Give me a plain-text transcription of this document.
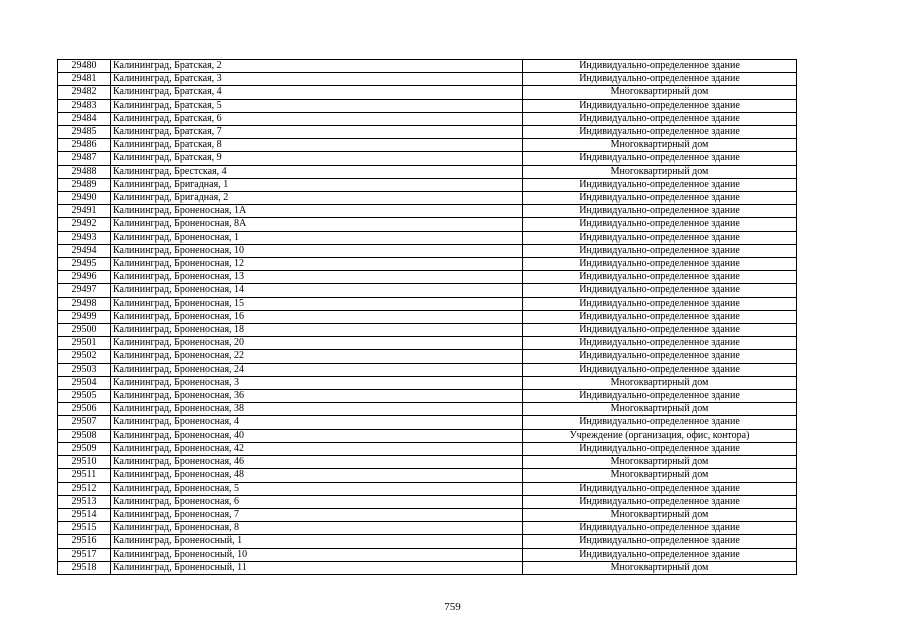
29480	Калининград, Братская, 2	Индивидуально-определенное здание
29481	Калининград, Братская, 3	Индивидуально-определенное здание
29482	Калининград, Братская, 4	Многоквартирный дом
29483	Калининград, Братская, 5	Индивидуально-определенное здание
29484	Калининград, Братская, 6	Индивидуально-определенное здание
29485	Калининград, Братская, 7	Индивидуально-определенное здание
29486	Калининград, Братская, 8	Многоквартирный дом
29487	Калининград, Братская, 9	Индивидуально-определенное здание
29488	Калининград, Брестская, 4	Многоквартирный дом
29489	Калининград, Бригадная, 1	Индивидуально-определенное здание
29490	Калининград, Бригадная, 2	Индивидуально-определенное здание
29491	Калининград, Броненосная, 1А	Индивидуально-определенное здание
29492	Калининград, Броненосная, 8А	Индивидуально-определенное здание
29493	Калининград, Броненосная, 1	Индивидуально-определенное здание
29494	Калининград, Броненосная, 10	Индивидуально-определенное здание
29495	Калининград, Броненосная, 12	Индивидуально-определенное здание
29496	Калининград, Броненосная, 13	Индивидуально-определенное здание
29497	Калининград, Броненосная, 14	Индивидуально-определенное здание
29498	Калининград, Броненосная, 15	Индивидуально-определенное здание
29499	Калининград, Броненосная, 16	Индивидуально-определенное здание
29500	Калининград, Броненосная, 18	Индивидуально-определенное здание
29501	Калининград, Броненосная, 20	Индивидуально-определенное здание
29502	Калининград, Броненосная, 22	Индивидуально-определенное здание
29503	Калининград, Броненосная, 24	Индивидуально-определенное здание
29504	Калининград, Броненосная, 3	Многоквартирный дом
29505	Калининград, Броненосная, 36	Индивидуально-определенное здание
29506	Калининград, Броненосная, 38	Многоквартирный дом
29507	Калининград, Броненосная, 4	Индивидуально-определенное здание
29508	Калининград, Броненосная, 40	Учреждение (организация, офис, контора)
29509	Калининград, Броненосная, 42	Индивидуально-определенное здание
29510	Калининград, Броненосная, 46	Многоквартирный дом
29511	Калининград, Броненосная, 48	Многоквартирный дом
29512	Калининград, Броненосная, 5	Индивидуально-определенное здание
29513	Калининград, Броненосная, 6	Индивидуально-определенное здание
29514	Калининград, Броненосная, 7	Многоквартирный дом
29515	Калининград, Броненосная, 8	Индивидуально-определенное здание
29516	Калининград, Броненосный, 1	Индивидуально-определенное здание
29517	Калининград, Броненосный, 10	Индивидуально-определенное здание
29518	Калининград, Броненосный, 11	Многоквартирный дом
759
